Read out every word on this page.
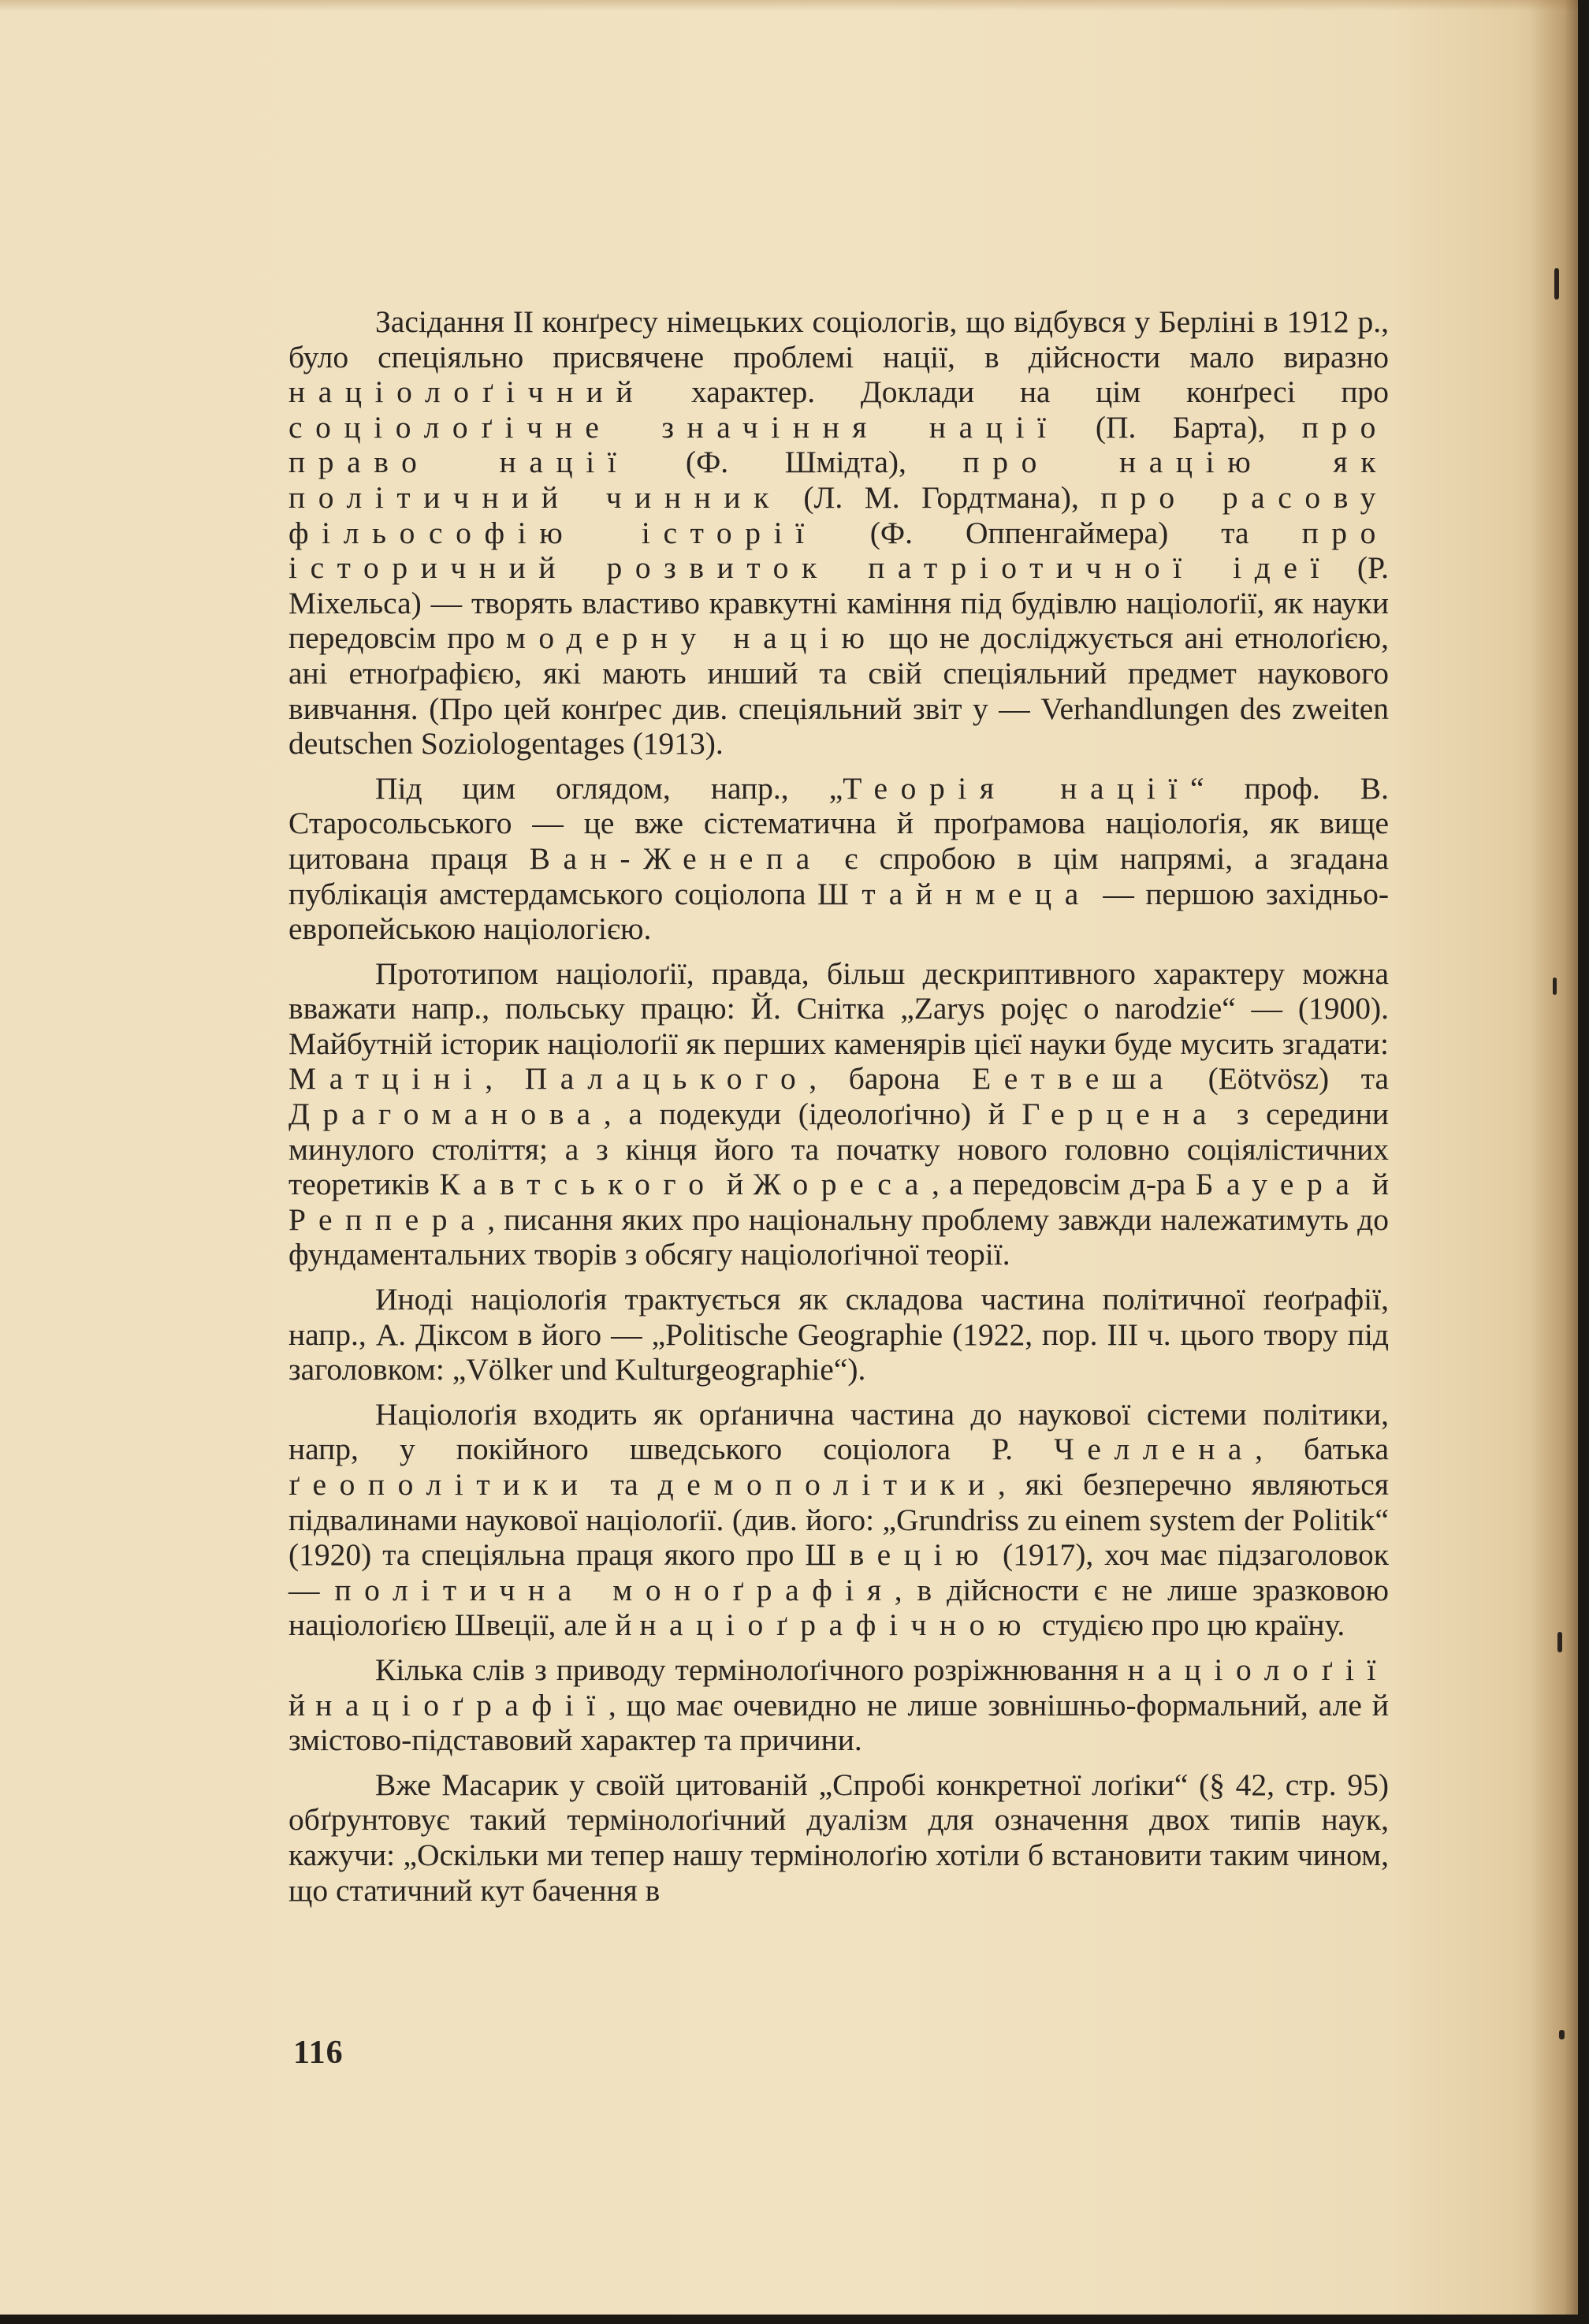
Засідання II конґресу німецьких соціологів, що відбувся у Берліні в 1912 р., було спеціяльно присвячене проблемі нації, в дійсности мало виразно націолоґічний характер. Доклади на цім конґресі про соціолоґічне значіння нації (П. Барта), про право нації (Ф. Шмідта), про націю як політичний чинник (Л. М. Гордтмана), про расову фільософію історії (Ф. Оппенгаймера) та про історичний розвиток патріотичної ідеї (Р. Міхельса) — творять властиво кравкутні каміння під будівлю націолоґії, як науки передовсім про модерну націю що не досліджується ані етнолоґією, ані етноґрафією, які мають инший та свій спеціяльний предмет наукового вивчання. (Про цей конґрес див. спеціяльний звіт у — Verhandlungen des zweiten deutschen Soziologentages (1913).

Під цим оглядом, напр., „Теорія нації“ проф. В. Старосольського — це вже сістематична й проґрамова націолоґія, як вище цитована праця Ван-Женепа є спробою в цім напрямі, а згадана публікація амстердамського соціолопа Штайнмеца — першою західньо-европейською націологією.

Прототипом націолоґії, правда, більш дескриптивного характеру можна вважати напр., польську працю: Й. Снітка „Zarys pojęc o narodzie“ — (1900). Майбутній історик націолоґії як перших каменярів цієї науки буде мусить згадати: Матціні, Палацького, барона Еетвеша (Eötvösz) та Драгоманова, а подекуди (ідеолоґічно) й Герцена з середини минулого століття; а з кінця його та початку нового головно соціялістичних теоретиків Кавтського й Жореса, а передовсім д-ра Бауера й Реппера, писання яких про національну проблему завжди належатимуть до фундаментальних творів з обсягу націолоґічної теорії.

Иноді націолоґія трактується як складова частина політичної ґеоґрафії, напр., А. Діксом в його — „Politische Geographie (1922, пор. III ч. цього твору під заголовком: „Völker und Kulturgeographie“).

Націолоґія входить як орґанична частина до наукової сістеми політики, напр, у покійного шведського соціолога Р. Челлена, батька ґеополітики та демополітики, які безперечно являються підвалинами наукової націолоґії. (див. його: „Grundriss zu einem system der Politik“ (1920) та спеціяльна праця якого про Швецію (1917), хоч має підзаголовок — політична моноґрафія, в дійсности є не лише зразковою націолоґією Швеції, але й націоґрафічною студією про цю країну.

Кілька слів з приводу термінолоґічного розріжнювання націолоґії й націоґрафії, що має очевидно не лише зовнішньо-формальний, але й змістово-підставовий характер та причини.

Вже Масарик у своїй цитованій „Спробі конкретної лоґіки“ (§ 42, стр. 95) обґрунтовує такий термінолоґічний дуалізм для означення двох типів наук, кажучи: „Оскільки ми тепер нашу термінолоґію хотіли б встановити таким чином, що статичний кут бачення в

116
